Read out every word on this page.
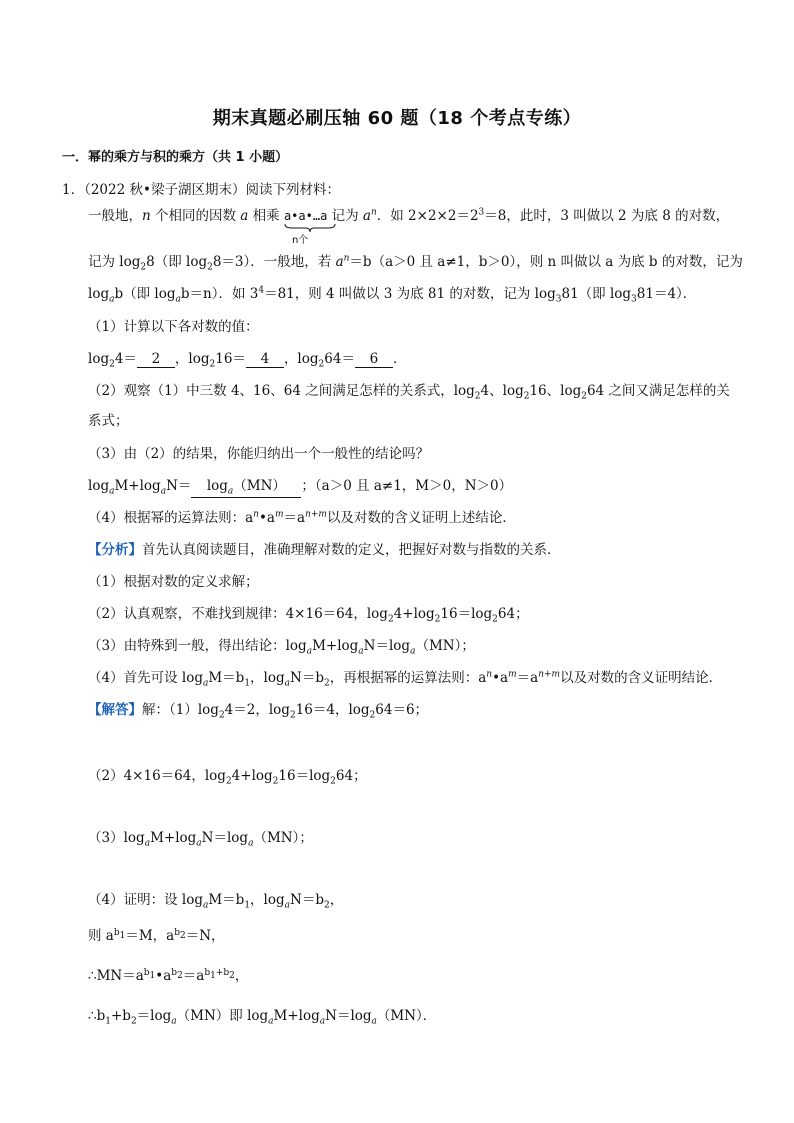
期末真题必刷压轴 60 题（18 个考点专练）
一．幂的乘方与积的乘方（共 1 小题）
1．（2022 秋•梁子湖区期末）阅读下列材料：
一般地，n 个相同的因数 a 相乘 a•a•…a
n个
记为 $a^n$．如 $2\times 2\times 2=2^3=8$，此时，3 叫做以 2 为底 8 的对数，
记为 $\log_28$（即 $\log_28=3$）．一般地，若 $a^n=b(a>0$ 且 a≠1，b＞0），则 n 叫做以 a 为底 b 的对数，记为
$\log_ab$（即 $\log_ab=n$）．如 $3^4=81$，则 4 叫做以 3 为底 81 的对数，记为 $\log_381$（即 $\log_381=4$）．
（1）计算以下各对数的值：
$\log_24= 2$ ，$\log_216= 4$ ，$\log_264= 6$ ．
（2）观察（1）中三数 4、16、64 之间满足怎样的关系式，$\log_24$、$\log_216$、$\log_264$ 之间又满足怎样的关
系式；
（3）由（2）的结果，你能归纳出一个一般性的结论吗？
$\log_aM+\log_aN= \log_a(MN)$ ；（a＞0 且 a≠1，M＞0，N＞0）
（4）根据幂的运算法则：$a^n•a^m=a^{n+m}$以及对数的含义证明上述结论．
【分析】首先认真阅读题目，准确理解对数的定义，把握好对数与指数的关系．
（1）根据对数的定义求解；
（2）认真观察，不难找到规律：4×16＝64，$\log_24+\log_216=\log_264$；
（3）由特殊到一般，得出结论：$\log_aM+\log_aN=\log_a(MN)$；
（4）首先可设 $\log_aM=b_1$，$\log_aN=b_2$，再根据幂的运算法则：$a^n•a^m=a^{n+m}$以及对数的含义证明结论．
【解答】解：$(1)\log_24=2$，$\log_216=4$，$\log_264=6$；
（2）4×16＝64，$\log_24+\log_216=\log_264$；
$(3)\log_aM+\log_aN=\log_a(MN)$；
（4）证明：设 $\log_aM=b_1$，$\log_aN=b_2$，
则 $a^{b_1}=M$，$a^{b_2}=N$，
$\therefore MN=a^{b_1}•a^{b_2}=a^{b_1+b_2}$，
$\therefore b_1+b_2=\log_a(MN)$即 $\log_aM+\log_aN=\log_a(MN)$．
